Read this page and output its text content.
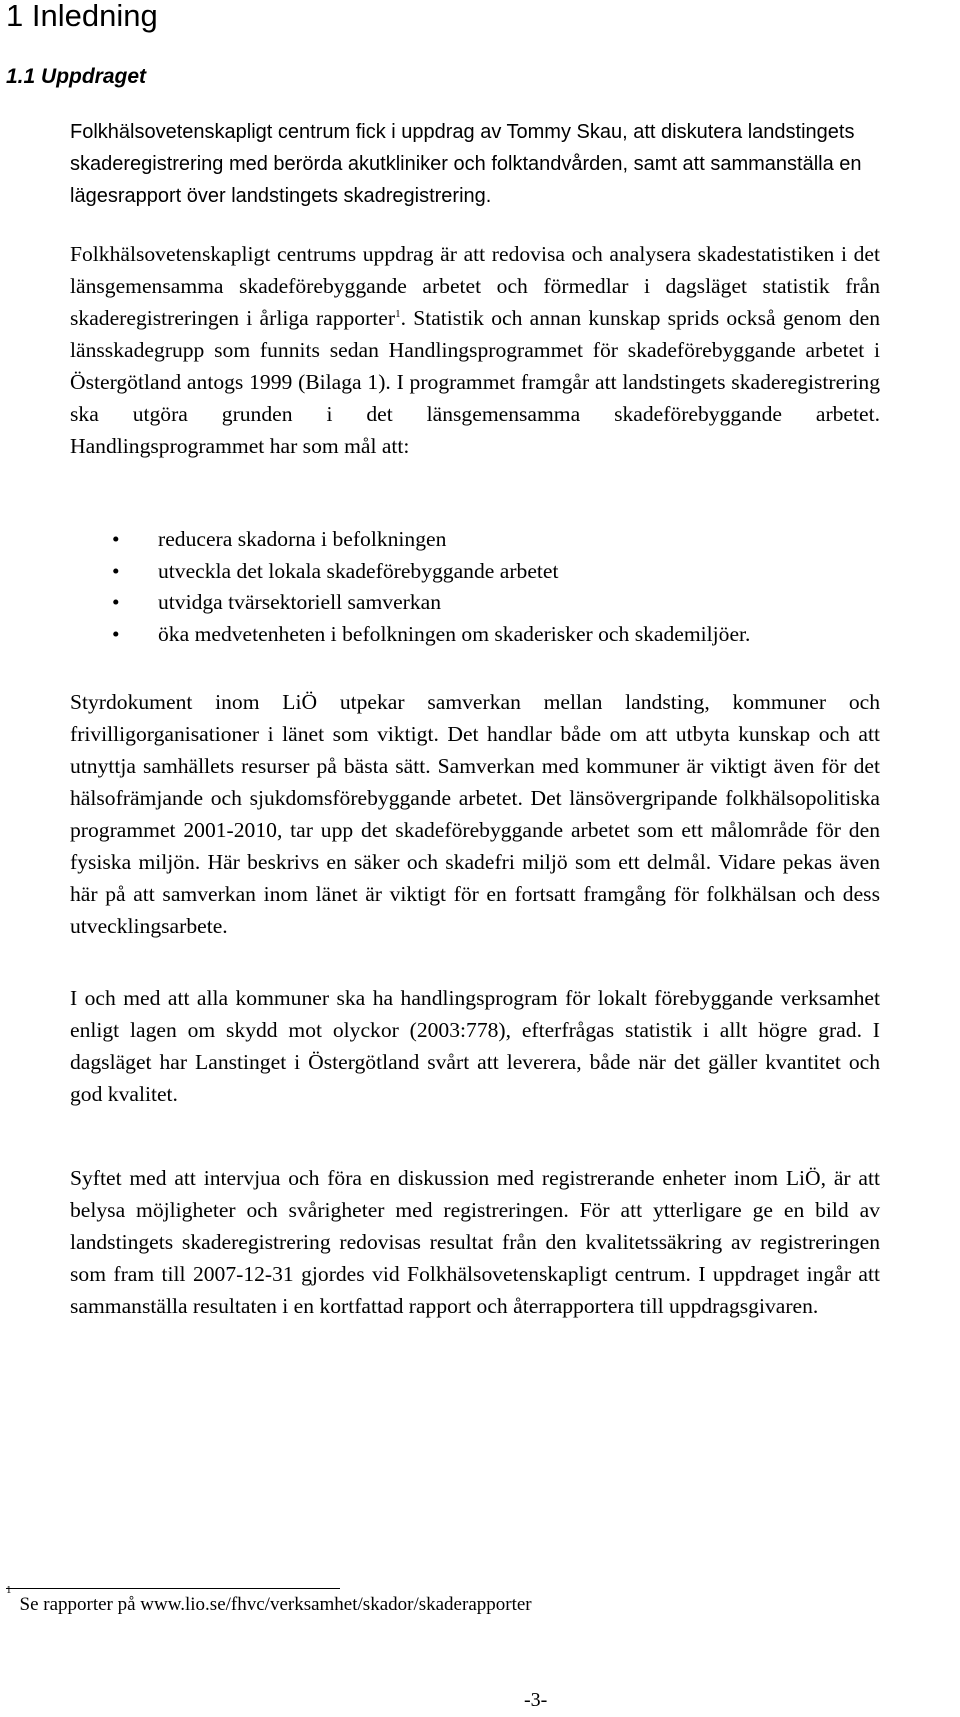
1 Inledning
1.1 Uppdraget

Folkhälsovetenskapligt centrum fick i uppdrag av Tommy Skau, att diskutera landstingets skaderegistrering med berörda akutkliniker och folktandvården, samt att sammanställa en lägesrapport över landstingets skadregistrering.

Folkhälsovetenskapligt centrums uppdrag är att redovisa och analysera skadestatistiken i det länsgemensamma skadeförebyggande arbetet och förmedlar i dagsläget statistik från skaderegistreringen i årliga rapporter$^1$. Statistik och annan kunskap sprids också genom den länsskadegrupp som funnits sedan Handlingsprogrammet för skadeförebyggande arbetet i Östergötland antogs 1999 (Bilaga 1). I programmet framgår att landstingets skaderegistrering ska utgöra grunden i det länsgemensamma skadeförebyggande arbetet. Handlingsprogrammet har som mål att:

• reducera skadorna i befolkningen
• utveckla det lokala skadeförebyggande arbetet
• utvidga tvärsektoriell samverkan
• öka medvetenheten i befolkningen om skaderisker och skademiljöer.

Styrdokument inom LiÖ utpekar samverkan mellan landsting, kommuner och frivilligorganisationer i länet som viktigt. Det handlar både om att utbyta kunskap och att utnyttja samhällets resurser på bästa sätt. Samverkan med kommuner är viktigt även för det hälsofrämjande och sjukdomsförebyggande arbetet. Det länsövergripande folkhälsopolitiska programmet 2001-2010, tar upp det skadeförebyggande arbetet som ett målområde för den fysiska miljön. Här beskrivs en säker och skadefri miljö som ett delmål. Vidare pekas även här på att samverkan inom länet är viktigt för en fortsatt framgång för folkhälsan och dess utvecklingsarbete.

I och med att alla kommuner ska ha handlingsprogram för lokalt förebyggande verksamhet enligt lagen om skydd mot olyckor (2003:778), efterfrågas statistik i allt högre grad. I dagsläget har Lanstinget i Östergötland svårt att leverera, både när det gäller kvantitet och god kvalitet.

Syftet med att intervjua och föra en diskussion med registrerande enheter inom LiÖ, är att belysa möjligheter och svårigheter med registreringen. För att ytterligare ge en bild av landstingets skaderegistrering redovisas resultat från den kvalitetssäkring av registreringen som fram till 2007-12-31 gjordes vid Folkhälsovetenskapligt centrum. I uppdraget ingår att sammanställa resultaten i en kortfattad rapport och återrapportera till uppdragsgivaren.

$^1$Se rapporter på www.lio.se/fhvc/verksamhet/skador/skaderapporter

-3-
